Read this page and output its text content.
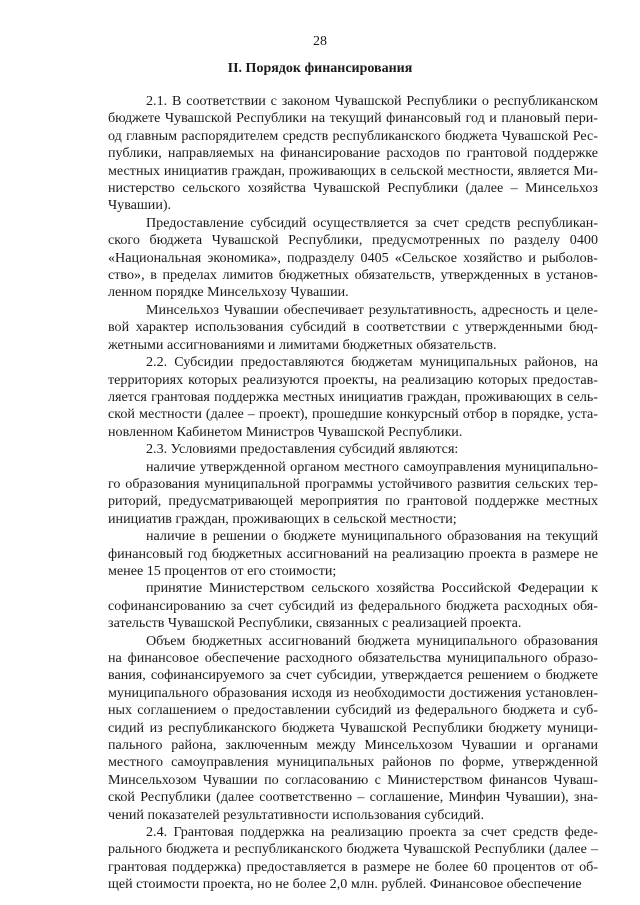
28
II. Порядок финансирования

2.1. В соответствии с законом Чувашской Республики о республиканском бюджете Чувашской Республики на текущий финансовый год и плановый период главным распорядителем средств республиканского бюджета Чувашской Республики, направляемых на финансирование расходов по грантовой поддержке местных инициатив граждан, проживающих в сельской местности, является Министерство сельского хозяйства Чувашской Республики (далее – Минсельхоз Чувашии).

Предоставление субсидий осуществляется за счет средств республиканского бюджета Чувашской Республики, предусмотренных по разделу 0400 «Национальная экономика», подразделу 0405 «Сельское хозяйство и рыболовство», в пределах лимитов бюджетных обязательств, утвержденных в установленном порядке Минсельхозу Чувашии.

Минсельхоз Чувашии обеспечивает результативность, адресность и целевой характер использования субсидий в соответствии с утвержденными бюджетными ассигнованиями и лимитами бюджетных обязательств.

2.2. Субсидии предоставляются бюджетам муниципальных районов, на территориях которых реализуются проекты, на реализацию которых предоставляется грантовая поддержка местных инициатив граждан, проживающих в сельской местности (далее – проект), прошедшие конкурсный отбор в порядке, установленном Кабинетом Министров Чувашской Республики.

2.3. Условиями предоставления субсидий являются:

наличие утвержденной органом местного самоуправления муниципального образования муниципальной программы устойчивого развития сельских территорий, предусматривающей мероприятия по грантовой поддержке местных инициатив граждан, проживающих в сельской местности;

наличие в решении о бюджете муниципального образования на текущий финансовый год бюджетных ассигнований на реализацию проекта в размере не менее 15 процентов от его стоимости;

принятие Министерством сельского хозяйства Российской Федерации к софинансированию за счет субсидий из федерального бюджета расходных обязательств Чувашской Республики, связанных с реализацией проекта.

Объем бюджетных ассигнований бюджета муниципального образования на финансовое обеспечение расходного обязательства муниципального образования, софинансируемого за счет субсидии, утверждается решением о бюджете муниципального образования исходя из необходимости достижения установленных соглашением о предоставлении субсидий из федерального бюджета и субсидий из республиканского бюджета Чувашской Республики бюджету муниципального района, заключенным между Минсельхозом Чувашии и органами местного самоуправления муниципальных районов по форме, утвержденной Минсельхозом Чувашии по согласованию с Министерством финансов Чувашской Республики (далее соответственно – соглашение, Минфин Чувашии), значений показателей результативности использования субсидий.

2.4. Грантовая поддержка на реализацию проекта за счет средств федерального бюджета и республиканского бюджета Чувашской Республики (далее – грантовая поддержка) предоставляется в размере не более 60 процентов от общей стоимости проекта, но не более 2,0 млн. рублей. Финансовое обеспечение
